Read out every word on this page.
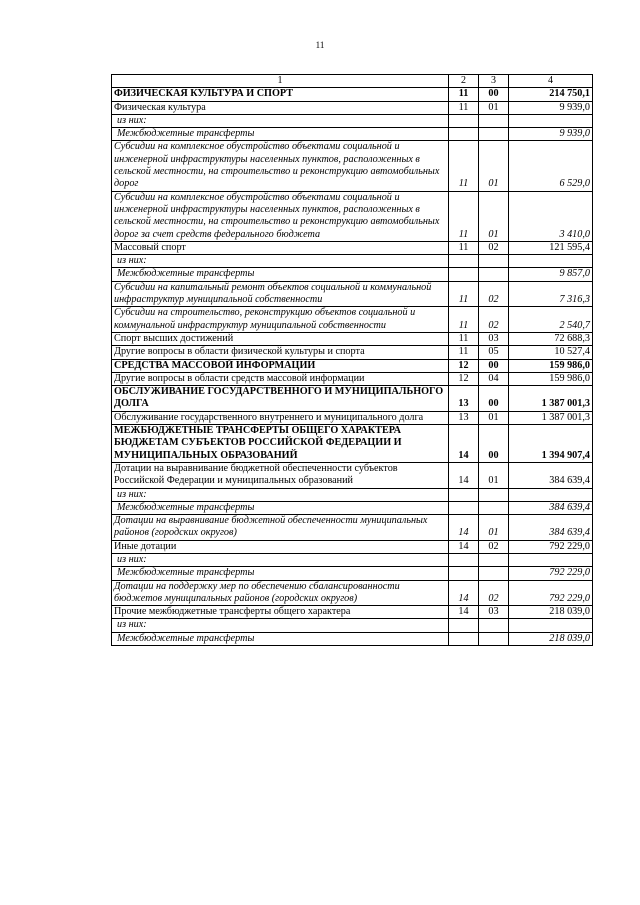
11
1	2	3	4
ФИЗИЧЕСКАЯ КУЛЬТУРА И СПОРТ	11	00	214 750,1
Физическая культура	11	01	9 939,0
из них:			
Межбюджетные трансферты			9 939,0
Субсидии на комплексное обустройство объектами социальной и инженерной инфраструктуры населенных пунктов, расположенных в сельской местности, на строительство и реконструкцию автомобильных дорог	11	01	6 529,0
Субсидии на комплексное обустройство объектами социальной и инженерной инфраструктуры населенных пунктов, расположенных в сельской местности, на строительство и реконструкцию автомобильных дорог за счет средств федерального бюджета	11	01	3 410,0
Массовый спорт	11	02	121 595,4
из них:			
Межбюджетные трансферты			9 857,0
Субсидии на капитальный ремонт объектов социальной и коммунальной инфраструктур муниципальной собственности	11	02	7 316,3
Субсидии на строительство, реконструкцию объектов социальной и коммунальной инфраструктур муниципальной собственности	11	02	2 540,7
Спорт высших достижений	11	03	72 688,3
Другие вопросы в области физической культуры и спорта	11	05	10 527,4
СРЕДСТВА МАССОВОЙ ИНФОРМАЦИИ	12	00	159 986,0
Другие вопросы в области средств массовой информации	12	04	159 986,0
ОБСЛУЖИВАНИЕ ГОСУДАРСТВЕННОГО И МУНИЦИПАЛЬНОГО ДОЛГА	13	00	1 387 001,3
Обслуживание государственного внутреннего и муниципального долга	13	01	1 387 001,3
МЕЖБЮДЖЕТНЫЕ ТРАНСФЕРТЫ ОБЩЕГО ХАРАКТЕРА БЮДЖЕТАМ СУБЪЕКТОВ РОССИЙСКОЙ ФЕДЕРАЦИИ И МУНИЦИПАЛЬНЫХ ОБРАЗОВАНИЙ	14	00	1 394 907,4
Дотации на выравнивание бюджетной обеспеченности субъектов Российской Федерации и муниципальных образований	14	01	384 639,4
из них:			
Межбюджетные трансферты			384 639,4
Дотации на выравнивание бюджетной обеспеченности муниципальных районов (городских округов)	14	01	384 639,4
Иные дотации	14	02	792 229,0
из них:			
Межбюджетные трансферты			792 229,0
Дотации на поддержку мер по обеспечению сбалансированности бюджетов муниципальных районов (городских округов)	14	02	792 229,0
Прочие межбюджетные трансферты общего характера	14	03	218 039,0
из них:			
Межбюджетные трансферты			218 039,0
